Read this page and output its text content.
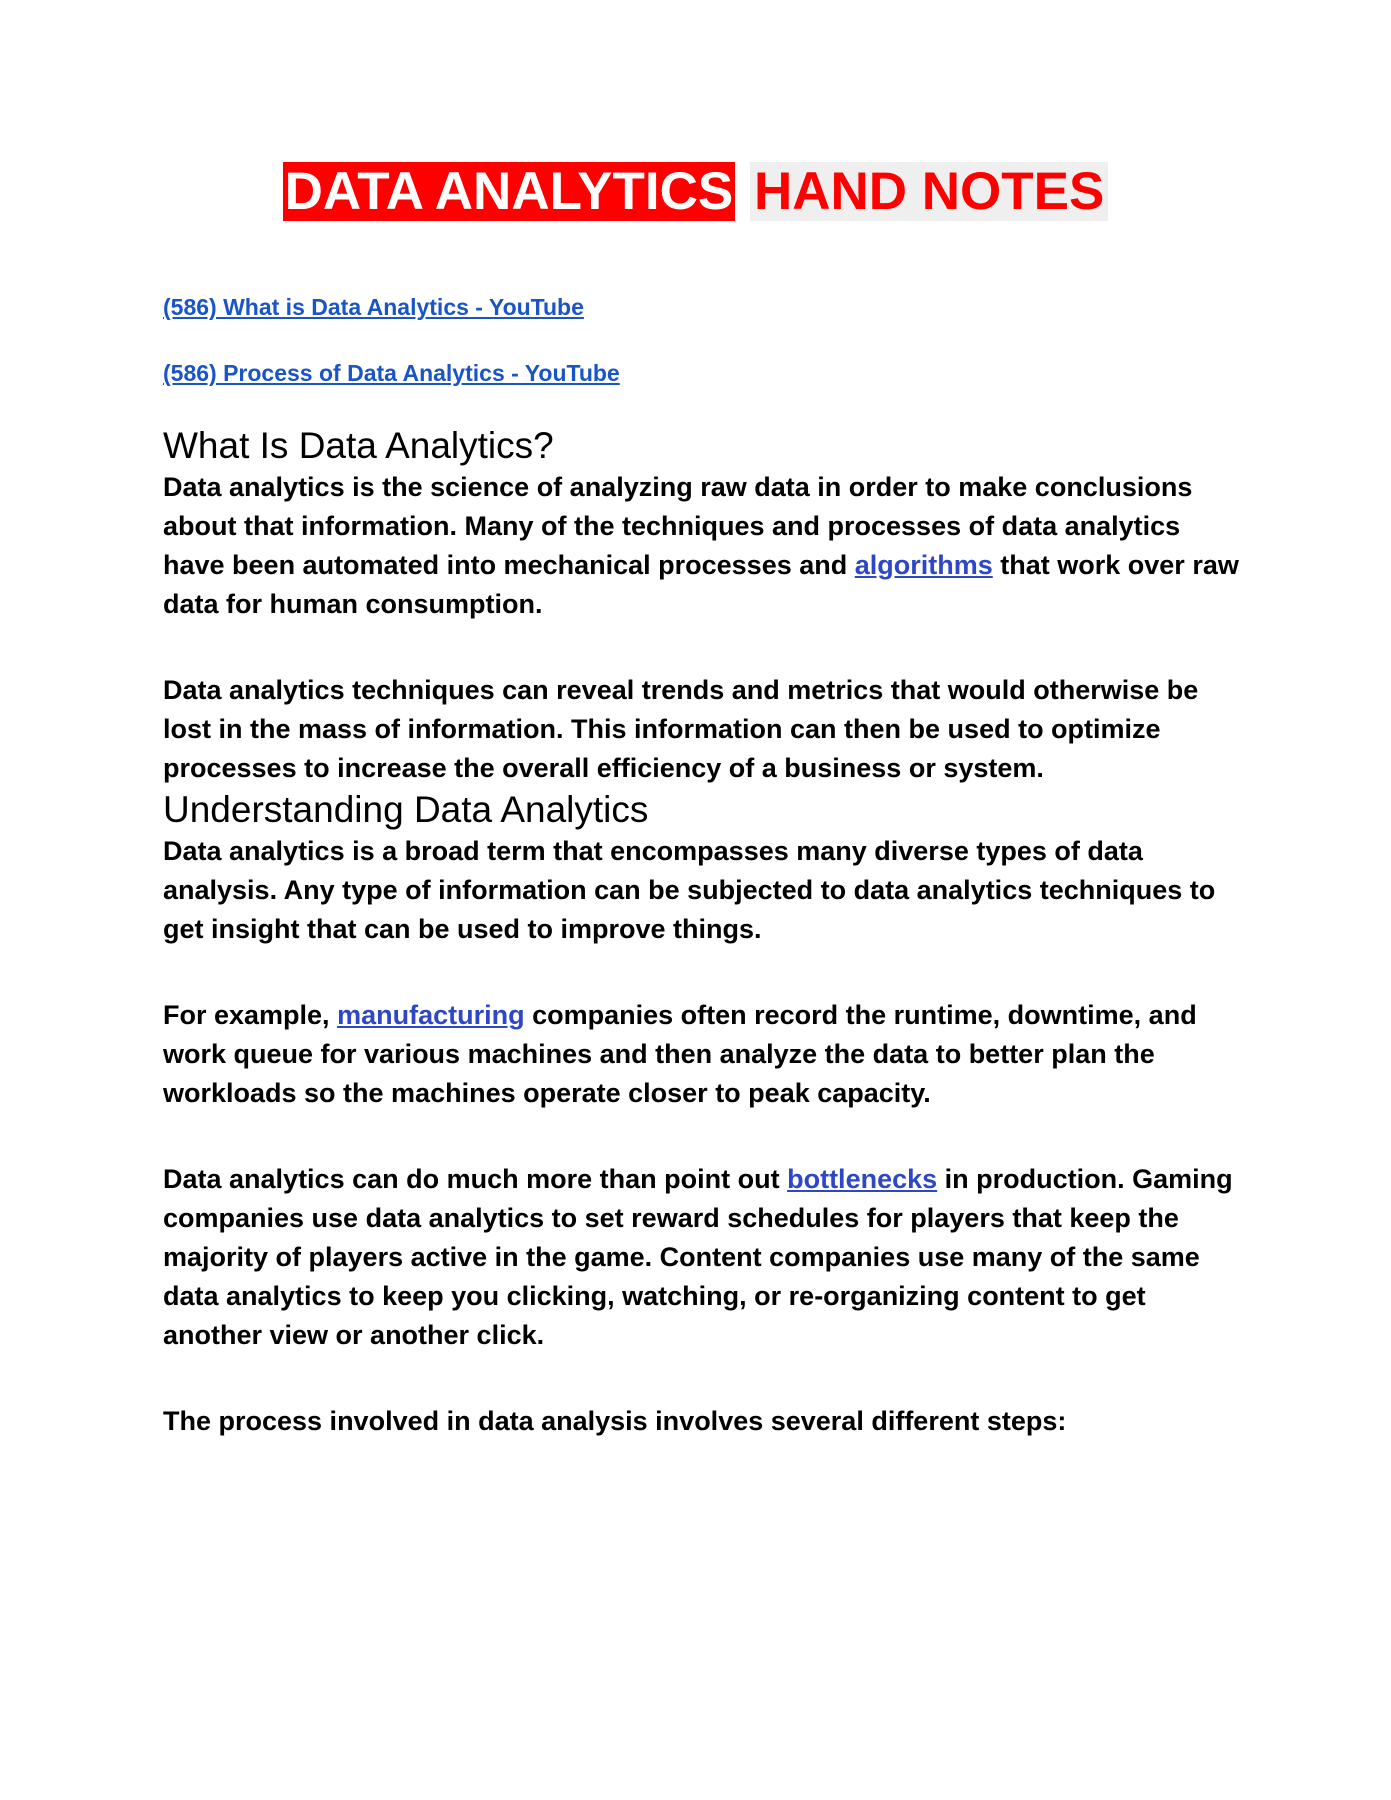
DATA ANALYTICS HAND NOTES

(586) What is Data Analytics - YouTube

(586) Process of Data Analytics - YouTube

What Is Data Analytics?

Data analytics is the science of analyzing raw data in order to make conclusions about that information. Many of the techniques and processes of data analytics have been automated into mechanical processes and algorithms that work over raw data for human consumption.

Data analytics techniques can reveal trends and metrics that would otherwise be lost in the mass of information. This information can then be used to optimize processes to increase the overall efficiency of a business or system.

Understanding Data Analytics

Data analytics is a broad term that encompasses many diverse types of data analysis. Any type of information can be subjected to data analytics techniques to get insight that can be used to improve things.

For example, manufacturing companies often record the runtime, downtime, and work queue for various machines and then analyze the data to better plan the workloads so the machines operate closer to peak capacity.

Data analytics can do much more than point out bottlenecks in production. Gaming companies use data analytics to set reward schedules for players that keep the majority of players active in the game. Content companies use many of the same data analytics to keep you clicking, watching, or re-organizing content to get another view or another click.

The process involved in data analysis involves several different steps:
